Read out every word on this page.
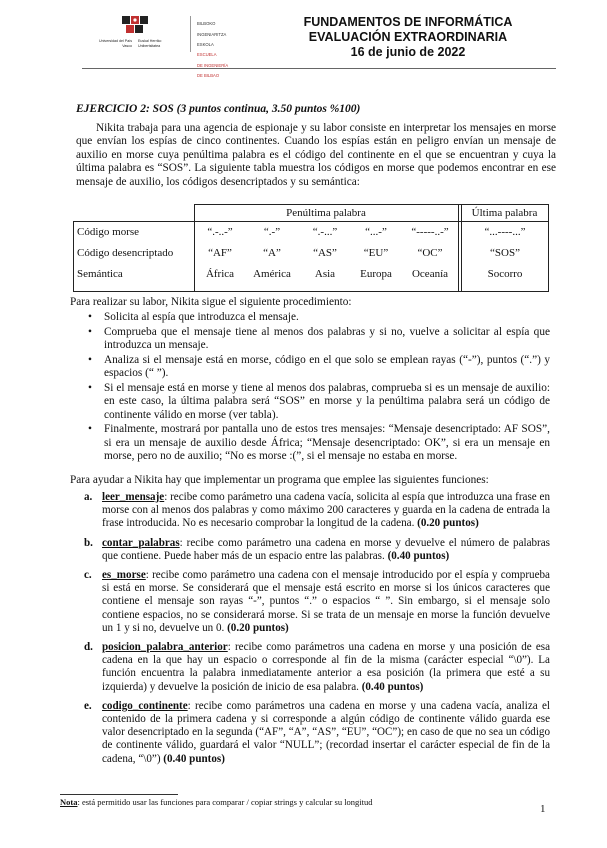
Universidad del País Vasco
Euskal Herriko Unibertsitatea

BILBOKO

INGENIARITZA

ESKOLA

ESCUELA

DE INGENIERÍA

DE BILBAO

FUNDAMENTOS DE INFORMÁTICA
EVALUACIÓN EXTRAORDINARIA
16 de junio de 2022
EJERCICIO 2: SOS (3 puntos continua, 3.50 puntos %100)
Nikita trabaja para una agencia de espionaje y su labor consiste en interpretar los mensajes en morse que envían los espías de cinco continentes. Cuando los espías están en peligro envían un mensaje de auxilio en morse cuya penúltima palabra es el código del continente en el que se encuentran y cuya la última palabra es “SOS”. La siguiente tabla muestra los códigos en morse que podemos encontrar en ese mensaje de auxilio, los códigos desencriptados y su semántica:
Penúltima palabra	Última palabra
Código morse
Código desencriptado
Semántica
“.-..-”
“AF”
África
“.-”
“A”
América
“.-...”
“AS”
Asia
“...-”
“EU”
Europa
“-----..-”
“OC”
Oceanía
“...----...”
“SOS”
Socorro
Para realizar su labor, Nikita sigue el siguiente procedimiento:
• Solicita al espía que introduzca el mensaje.
• Comprueba que el mensaje tiene al menos dos palabras y si no, vuelve a solicitar al espía que introduzca un mensaje.
• Analiza si el mensaje está en morse, código en el que solo se emplean rayas (“-”), puntos (“.”) y espacios (“ ”).
• Si el mensaje está en morse y tiene al menos dos palabras, comprueba si es un mensaje de auxilio: en este caso, la última palabra será “SOS” en morse y la penúltima palabra será un código de continente válido en morse (ver tabla).
• Finalmente, mostrará por pantalla uno de estos tres mensajes: “Mensaje desencriptado: AF SOS”, si era un mensaje de auxilio desde África; “Mensaje desencriptado: OK”, si era un mensaje en morse, pero no de auxilio; “No es morse :(”, si el mensaje no estaba en morse.
Para ayudar a Nikita hay que implementar un programa que emplee las siguientes funciones:
a. leer_mensaje: recibe como parámetro una cadena vacía, solicita al espía que introduzca una frase en morse con al menos dos palabras y como máximo 200 caracteres y guarda en la cadena de entrada la frase introducida. No es necesario comprobar la longitud de la cadena. (0.20 puntos)
b. contar_palabras: recibe como parámetro una cadena en morse y devuelve el número de palabras que contiene. Puede haber más de un espacio entre las palabras. (0.40 puntos)
c. es_morse: recibe como parámetro una cadena con el mensaje introducido por el espía y comprueba si está en morse. Se considerará que el mensaje está escrito en morse si los únicos caracteres que contiene el mensaje son rayas “-”, puntos “.” o espacios “ ”. Sin embargo, si el mensaje solo contiene espacios, no se considerará morse. Si se trata de un mensaje en morse la función devuelve un 1 y si no, devuelve un 0. (0.20 puntos)
d. posicion_palabra_anterior: recibe como parámetros una cadena en morse y una posición de esa cadena en la que hay un espacio o corresponde al fin de la misma (carácter especial “\0”). La función encuentra la palabra inmediatamente anterior a esa posición (la primera que esté a su izquierda) y devuelve la posición de inicio de esa palabra. (0.40 puntos)
e. codigo_continente: recibe como parámetros una cadena en morse y una cadena vacía, analiza el contenido de la primera cadena y si corresponde a algún código de continente válido guarda ese valor desencriptado en la segunda (“AF”, “A”, “AS”, “EU”, “OC”); en caso de que no sea un código de continente válido, guardará el valor “NULL”; (recordad insertar el carácter especial de fin de la cadena, “\0”) (0.40 puntos)
Nota: está permitido usar las funciones para comparar / copiar strings y calcular su longitud
1
